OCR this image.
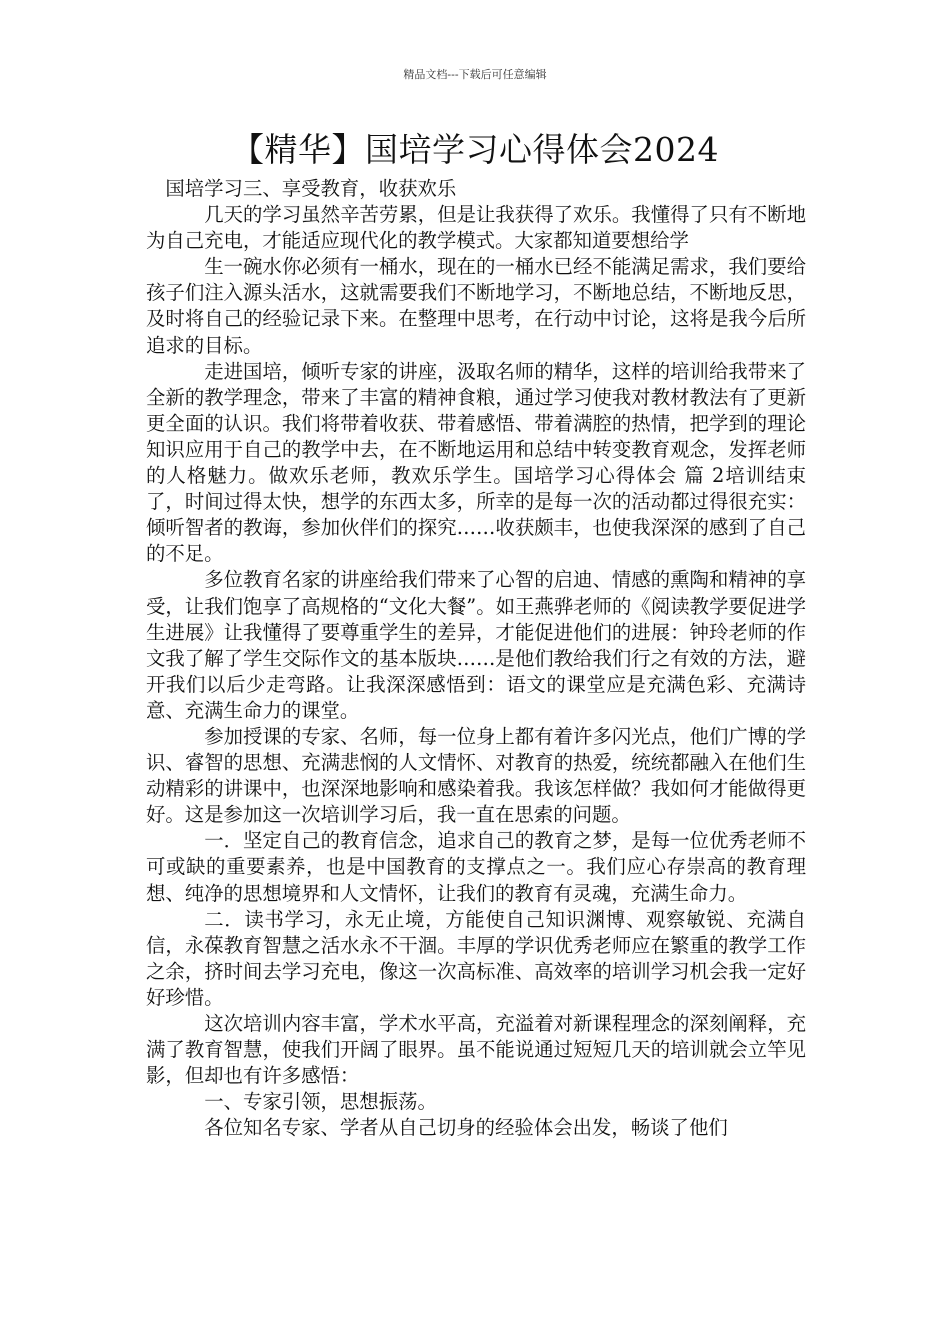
精品文档---下载后可任意编辑
【精华】国培学习心得体会2024

国培学习三、享受教育，收获欢乐

几天的学习虽然辛苦劳累，但是让我获得了欢乐。我懂得了只有不断地为自己充电，才能适应现代化的教学模式。大家都知道要想给学

生一碗水你必须有一桶水，现在的一桶水已经不能满足需求，我们要给孩子们注入源头活水，这就需要我们不断地学习，不断地总结，不断地反思，及时将自己的经验记录下来。在整理中思考，在行动中讨论，这将是我今后所追求的目标。

走进国培，倾听专家的讲座，汲取名师的精华，这样的培训给我带来了全新的教学理念，带来了丰富的精神食粮，通过学习使我对教材教法有了更新更全面的认识。我们将带着收获、带着感悟、带着满腔的热情，把学到的理论知识应用于自己的教学中去，在不断地运用和总结中转变教育观念，发挥老师的人格魅力。做欢乐老师，教欢乐学生。国培学习心得体会 篇 2培训结束了，时间过得太快，想学的东西太多，所幸的是每一次的活动都过得很充实：倾听智者的教诲，参加伙伴们的探究……收获颇丰，也使我深深的感到了自己的不足。

多位教育名家的讲座给我们带来了心智的启迪、情感的熏陶和精神的享受，让我们饱享了高规格的“文化大餐”。如王燕骅老师的《阅读教学要促进学生进展》让我懂得了要尊重学生的差异，才能促进他们的进展：钟玲老师的作文我了解了学生交际作文的基本版块……是他们教给我们行之有效的方法，避开我们以后少走弯路。让我深深感悟到：语文的课堂应是充满色彩、充满诗意、充满生命力的课堂。

参加授课的专家、名师，每一位身上都有着许多闪光点，他们广博的学识、睿智的思想、充满悲悯的人文情怀、对教育的热爱，统统都融入在他们生动精彩的讲课中，也深深地影响和感染着我。我该怎样做？我如何才能做得更好。这是参加这一次培训学习后，我一直在思索的问题。

一．坚定自己的教育信念，追求自己的教育之梦，是每一位优秀老师不可或缺的重要素养，也是中国教育的支撑点之一。我们应心存崇高的教育理想、纯净的思想境界和人文情怀，让我们的教育有灵魂，充满生命力。

二．读书学习，永无止境，方能使自己知识渊博、观察敏锐、充满自信，永葆教育智慧之活水永不干涸。丰厚的学识优秀老师应在繁重的教学工作之余，挤时间去学习充电，像这一次高标准、高效率的培训学习机会我一定好好珍惜。

这次培训内容丰富，学术水平高，充溢着对新课程理念的深刻阐释，充满了教育智慧，使我们开阔了眼界。虽不能说通过短短几天的培训就会立竿见影，但却也有许多感悟：

一、专家引领，思想振荡。

各位知名专家、学者从自己切身的经验体会出发，畅谈了他们
